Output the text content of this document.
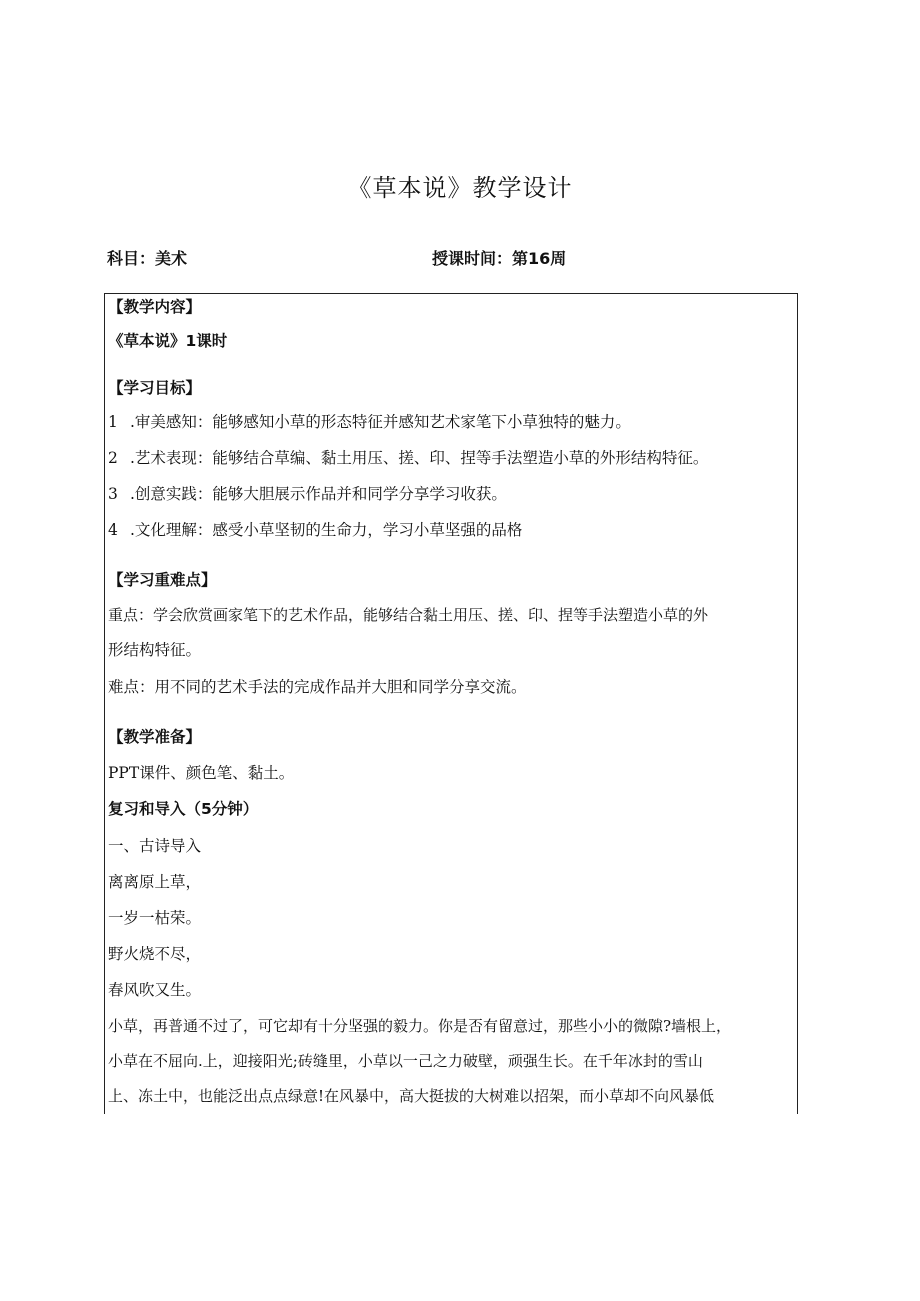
《草本说》教学设计
科目：美术	授课时间：第16周
【教学内容】
《草本说》1课时
【学习目标】
1 .审美感知：能够感知小草的形态特征并感知艺术家笔下小草独特的魅力。
2 .艺术表现：能够结合草编、黏土用压、搓、印、捏等手法塑造小草的外形结构特征。
3 .创意实践：能够大胆展示作品并和同学分享学习收获。
4 .文化理解：感受小草坚韧的生命力，学习小草坚强的品格
【学习重难点】
重点：学会欣赏画家笔下的艺术作品，能够结合黏土用压、搓、印、捏等手法塑造小草的外
形结构特征。
难点：用不同的艺术手法的完成作品并大胆和同学分享交流。
【教学准备】
PPT课件、颜色笔、黏土。
复习和导入（5分钟）
一、古诗导入
离离原上草，
一岁一枯荣。
野火烧不尽，
春风吹又生。
小草，再普通不过了，可它却有十分坚强的毅力。你是否有留意过，那些小小的微隙?墙根上，
小草在不屈向.上，迎接阳光;砖缝里，小草以一己之力破壁，顽强生长。在千年冰封的雪山
上、冻土中，也能泛出点点绿意!在风暴中，高大挺拔的大树难以招架，而小草却不向风暴低
